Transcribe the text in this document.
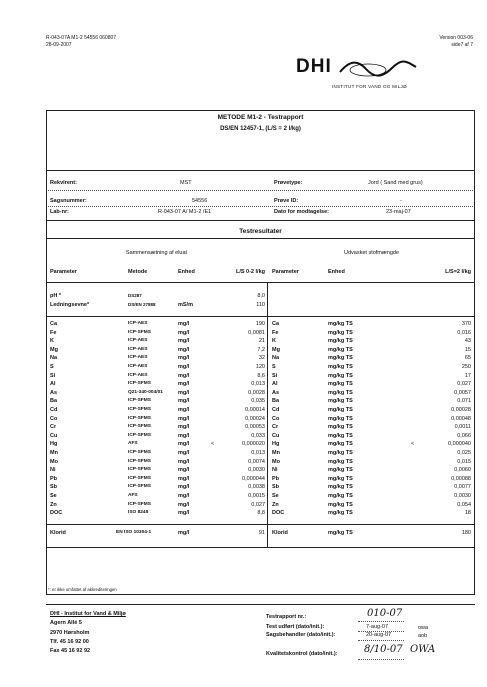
R-043-07A M1-2 54556 060807
28-09-2007
Version 003-06
side7 af 7
DHI
INSTITUT FOR VAND OG MILJØ
METODE M1-2 - Testrapport
DS/EN 12457-1, (L/S = 2 l/kg)
Rekvirent:	MST	Prøvetype:	Jord ( Sand med grus)
Sagsnummer:	54556	Prøve ID:	-
Lab-nr:	R-043-07 A/ M1-2 /E1	Dato for modtagelse:	23-maj-07
Testresultater
Sammensætning af eluat	Udvasket stofmængde
Parameter	Metode	Enhed	L/S 0-2 l/kg Parameter	Enhed	L/S=2 l/kg
pH *	DS287	8,0
Ledningsevne*	DS/EN 27888	mS/m	110
Ca	ICP-AES	mg/l	190 Ca	mg/kg TS	370
Fe	ICP-SFMS	mg/l	0,0081 Fe	mg/kg TS	0,016
K	ICP-AES	mg/l	21 K	mg/kg TS	43
Mg	ICP-AES	mg/l	7,2 Mg	mg/kg TS	15
Na	ICP-AES	mg/l	32 Na	mg/kg TS	65
S	ICP-AES	mg/l	120 S	mg/kg TS	250
Si	ICP-AES	mg/l	8,6 Si	mg/kg TS	17
Al	ICP-SFMS	mg/l	0,013 Al	mg/kg TS	0,027
As	Q21-340-004/01	mg/l	0,0028 As	mg/kg TS	0,0057
Ba	ICP-SFMS	mg/l	0,035 Ba	mg/kg TS	0,071
Cd	ICP-SFMS	mg/l	0,00014 Cd	mg/kg TS	0,00028
Co	ICP-SFMS	mg/l	0,00024 Co	mg/kg TS	0,00048
Cr	ICP-SFMS	mg/l	0,00053 Cr	mg/kg TS	0,0011
Cu	ICP-SFMS	mg/l	0,033 Cu	mg/kg TS	0,066
Hg	AFS	mg/l	<	0,000020 Hg	mg/kg TS	<	0,000040
Mn	ICP-SFMS	mg/l	0,013 Mn	mg/kg TS	0,025
Mo	ICP-SFMS	mg/l	0,0074 Mo	mg/kg TS	0,015
Ni	ICP-SFMS	mg/l	0,0030 Ni	mg/kg TS	0,0060
Pb	ICP-SFMS	mg/l	0,000044 Pb	mg/kg TS	0,00088
Sb	ICP-SFMS	mg/l	0,0038 Sb	mg/kg TS	0,0077
Se	AFS	mg/l	0,0015 Se	mg/kg TS	0,0030
Zn	ICP-SFMS	mg/l	0,027 Zn	mg/kg TS	0,054
DOC	ISO 8245	mg/l	8,8 DOC	mg/kg TS	18
Klorid	EN ISO 10304-1	mg/l	91 Klorid	mg/kg TS	180
*: er ikke omfattet af akkrediteringen
DHI - Institut for Vand & Miljø
Agern Allé 5
2970 Hørsholm
Tlf. 45 16 92 00
Fax 45 16 92 92
Testrapport nr.:	010-07
Test udført (dato/init.):	7-aug-07	owa
Sagsbehandler (dato/init.):	20-aug-07	aob
Kvalitetskontrol (dato/init.):	8/10-07 OWA
